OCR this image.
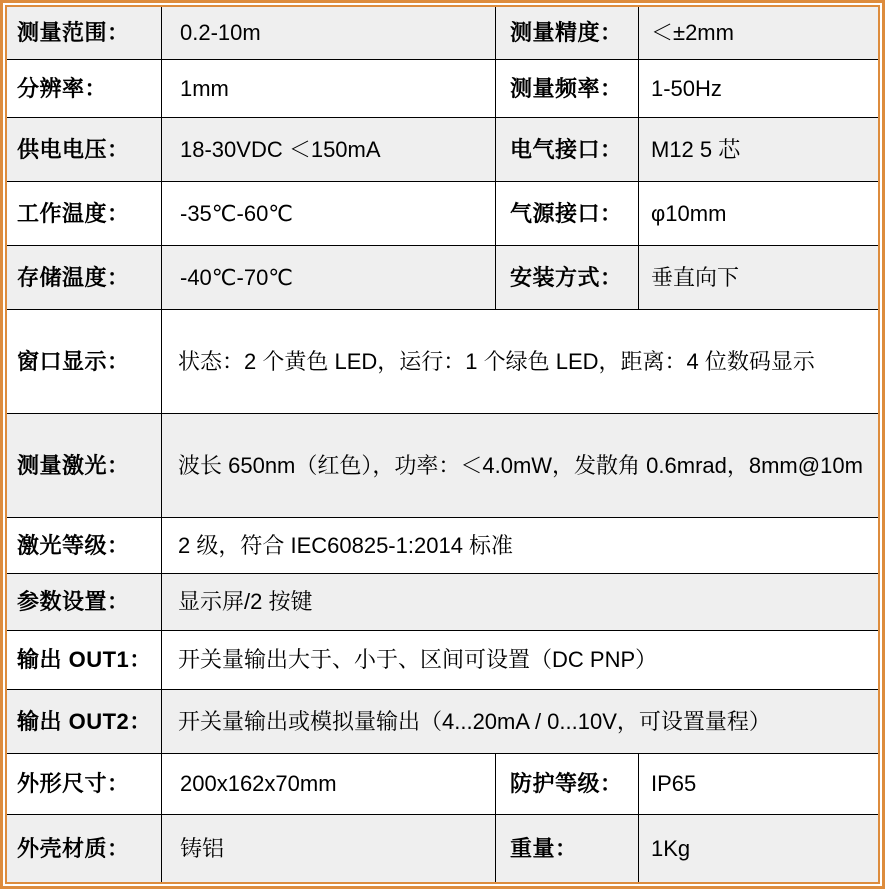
测量范围：	0.2-10m	测量精度：	＜±2mm
分辨率：	1mm	测量频率：	1-50Hz
供电电压：	18-30VDC ＜150mA	电气接口：	M12 5 芯
工作温度：	-35℃-60℃	气源接口：	φ10mm
存储温度：	-40℃-70℃	安装方式：	垂直向下
窗口显示：	状态：2 个黄色 LED，运行：1 个绿色 LED，距离：4 位数码显示
测量激光：	波长 650nm（红色），功率：＜4.0mW，发散角 0.6mrad，8mm@10m
激光等级：	2 级，符合 IEC60825-1:2014 标准
参数设置：	显示屏/2 按键
输出 OUT1：	开关量输出大于、小于、区间可设置（DC PNP）
输出 OUT2：	开关量输出或模拟量输出（4...20mA / 0...10V，可设置量程）
外形尺寸：	200x162x70mm	防护等级：	IP65
外壳材质：	铸铝	重量：	1Kg
